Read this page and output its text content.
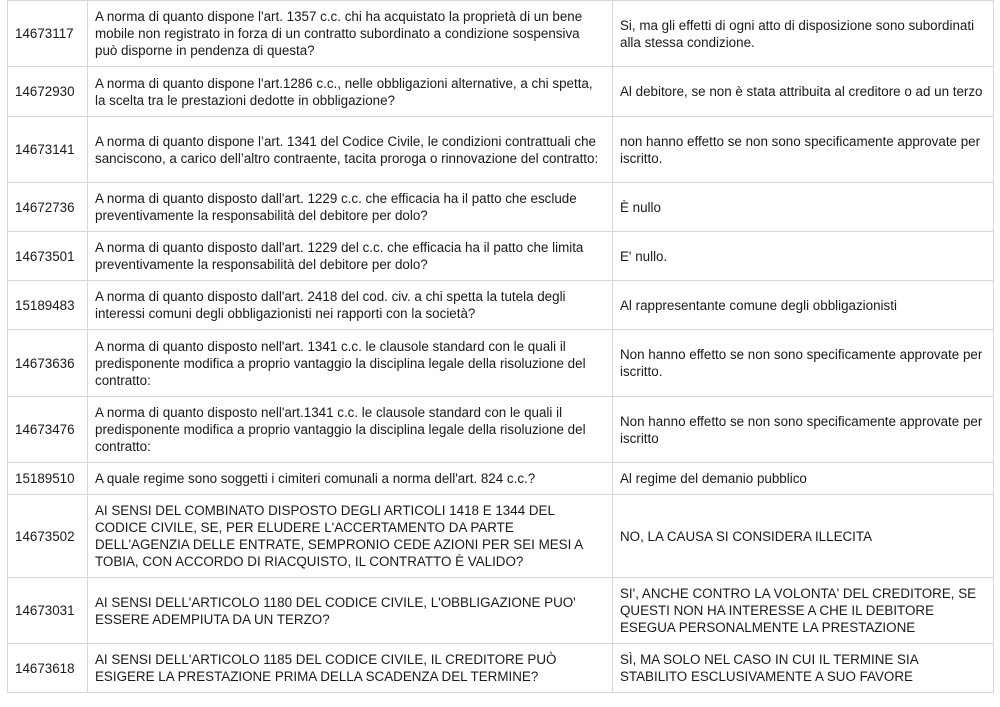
14673117	A norma di quanto dispone l'art. 1357 c.c. chi ha acquistato la proprietà di un bene mobile non registrato in forza di un contratto subordinato a condizione sospensiva può disporne in pendenza di questa?	Si, ma gli effetti di ogni atto di disposizione sono subordinati alla stessa condizione.
14672930	A norma di quanto dispone l'art.1286 c.c., nelle obbligazioni alternative, a chi spetta, la scelta tra le prestazioni dedotte in obbligazione?	Al debitore, se non è stata attribuita al creditore o ad un terzo
14673141	A norma di quanto dispone l’art. 1341 del Codice Civile, le condizioni contrattuali che sanciscono, a carico dell’altro contraente, tacita proroga o rinnovazione del contratto:	non hanno effetto se non sono specificamente approvate per iscritto.
14672736	A norma di quanto disposto dall'art. 1229 c.c. che efficacia ha il patto che esclude preventivamente la responsabilità del debitore per dolo?	È nullo
14673501	A norma di quanto disposto dall'art. 1229 del c.c. che efficacia ha il patto che limita preventivamente la responsabilità del debitore per dolo?	E' nullo.
15189483	A norma di quanto disposto dall'art. 2418 del cod. civ. a chi spetta la tutela degli interessi comuni degli obbligazionisti nei rapporti con la società?	Al rappresentante comune degli obbligazionisti
14673636	A norma di quanto disposto nell'art. 1341 c.c. le clausole standard con le quali il predisponente modifica a proprio vantaggio la disciplina legale della risoluzione del contratto:	Non hanno effetto se non sono specificamente approvate per iscritto.
14673476	A norma di quanto disposto nell'art.1341 c.c. le clausole standard con le quali il predisponente modifica a proprio vantaggio la disciplina legale della risoluzione del contratto:	Non hanno effetto se non sono specificamente approvate per iscritto
15189510	A quale regime sono soggetti i cimiteri comunali a norma dell'art. 824 c.c.?	Al regime del demanio pubblico
14673502	AI SENSI DEL COMBINATO DISPOSTO DEGLI ARTICOLI 1418 E 1344 DEL CODICE CIVILE, SE, PER ELUDERE L'ACCERTAMENTO DA PARTE DELL'AGENZIA DELLE ENTRATE, SEMPRONIO CEDE AZIONI PER SEI MESI A TOBIA, CON ACCORDO DI RIACQUISTO, IL CONTRATTO È VALIDO?	NO, LA CAUSA SI CONSIDERA ILLECITA
14673031	AI SENSI DELL'ARTICOLO 1180 DEL CODICE CIVILE, L'OBBLIGAZIONE PUO' ESSERE ADEMPIUTA DA UN TERZO?	SI', ANCHE CONTRO LA VOLONTA' DEL CREDITORE, SE QUESTI NON HA INTERESSE A CHE IL DEBITORE ESEGUA PERSONALMENTE LA PRESTAZIONE
14673618	AI SENSI DELL'ARTICOLO 1185 DEL CODICE CIVILE, IL CREDITORE PUÒ ESIGERE LA PRESTAZIONE PRIMA DELLA SCADENZA DEL TERMINE?	SÌ, MA SOLO NEL CASO IN CUI IL TERMINE SIA STABILITO ESCLUSIVAMENTE A SUO FAVORE
